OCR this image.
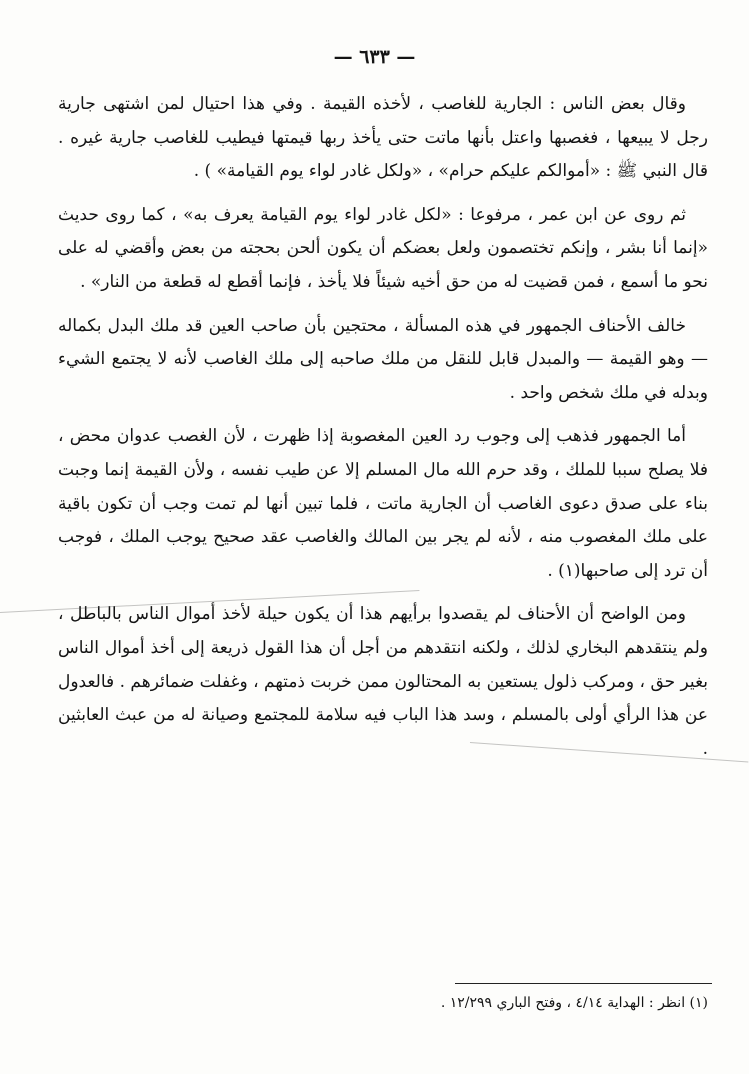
— ٦٣٣ —

وقال بعض الناس : الجارية للغاصب ، لأخذه القيمة . وفي هذا احتيال لمن اشتهى جارية رجل لا يبيعها ، فغصبها واعتل بأنها ماتت حتى يأخذ ربها قيمتها فيطيب للغاصب جارية غيره . قال النبي ﷺ : «أموالكم عليكم حرام» ، «ولكل غادر لواء يوم القيامة» ) .

ثم روى عن ابن عمر ، مرفوعا : «لكل غادر لواء يوم القيامة يعرف به» ، كما روى حديث «إنما أنا بشر ، وإنكم تختصمون ولعل بعضكم أن يكون ألحن بحجته من بعض وأقضي له على نحو ما أسمع ، فمن قضيت له من حق أخيه شيئاً فلا يأخذ ، فإنما أقطع له قطعة من النار» .

خالف الأحناف الجمهور في هذه المسألة ، محتجين بأن صاحب العين قد ملك البدل بكماله — وهو القيمة — والمبدل قابل للنقل من ملك صاحبه إلى ملك الغاصب لأنه لا يجتمع الشيء وبدله في ملك شخص واحد .

أما الجمهور فذهب إلى وجوب رد العين المغصوبة إذا ظهرت ، لأن الغصب عدوان محض ، فلا يصلح سببا للملك ، وقد حرم الله مال المسلم إلا عن طيب نفسه ، ولأن القيمة إنما وجبت بناء على صدق دعوى الغاصب أن الجارية ماتت ، فلما تبين أنها لم تمت وجب أن تكون باقية على ملك المغصوب منه ، لأنه لم يجر بين المالك والغاصب عقد صحيح يوجب الملك ، فوجب أن ترد إلى صاحبها(١) .

ومن الواضح أن الأحناف لم يقصدوا برأيهم هذا أن يكون حيلة لأخذ أموال الناس بالباطل ، ولم ينتقدهم البخاري لذلك ، ولكنه انتقدهم من أجل أن هذا القول ذريعة إلى أخذ أموال الناس بغير حق ، ومركب ذلول يستعين به المحتالون ممن خربت ذمتهم ، وغفلت ضمائرهم . فالعدول عن هذا الرأي أولى بالمسلم ، وسد هذا الباب فيه سلامة للمجتمع وصيانة له من عبث العابثين .

(١) انظر : الهداية ٤/١٤ ، وفتح الباري ١٢/٢٩٩ .
